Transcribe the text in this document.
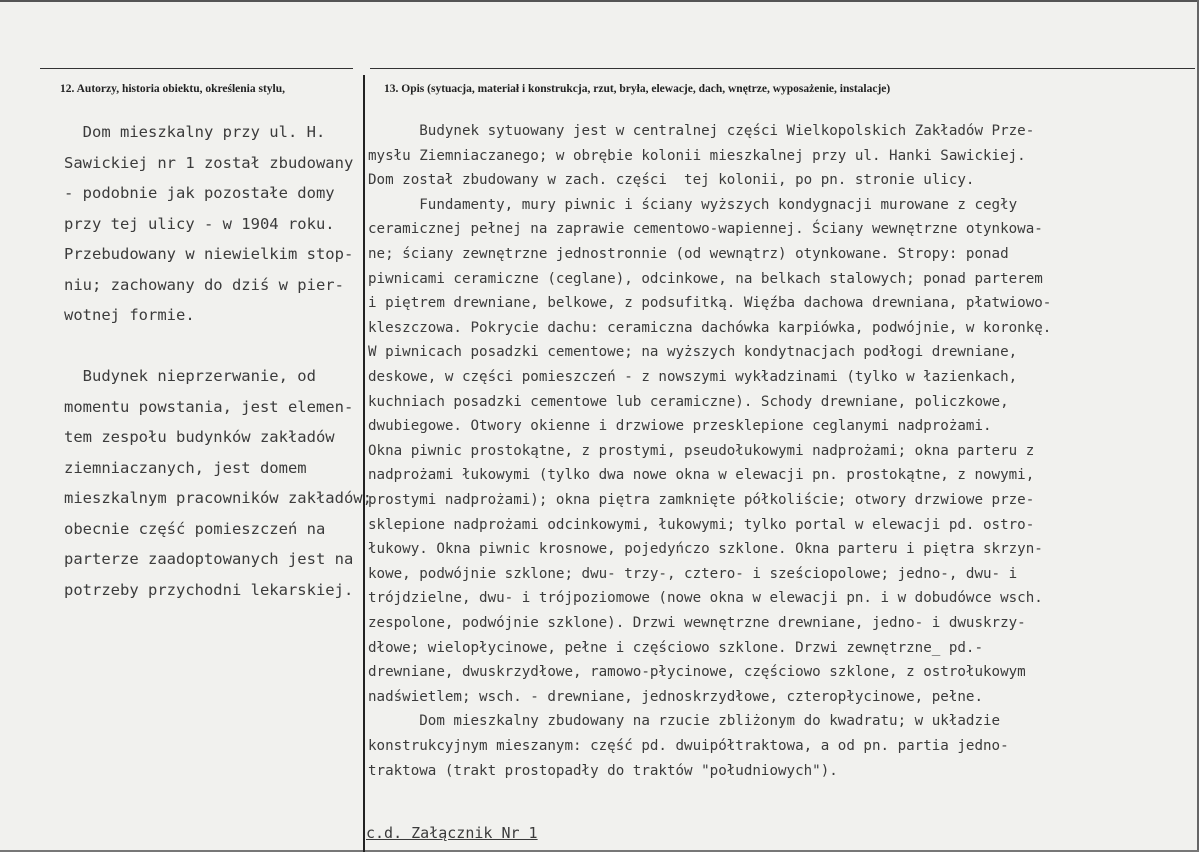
12. Autorzy, historia obiektu, określenia stylu,	13. Opis (sytuacja, materiał i konstrukcja, rzut, bryła, elewacje, dach, wnętrze, wyposażenie, instalacje)
Dom mieszkalny przy ul. H.
Sawickiej nr 1 został zbudowany
- podobnie jak pozostałe domy
przy tej ulicy - w 1904 roku.
Przebudowany w niewielkim stop-
niu; zachowany do dziś w pier-
wotnej formie.
Budynek nieprzerwanie, od
momentu powstania, jest elemen-
tem zespołu budynków zakładów
ziemniaczanych, jest domem
mieszkalnym pracowników zakładów;
obecnie część pomieszczeń na
parterze zaadoptowanych jest na
potrzeby przychodni lekarskiej.
Budynek sytuowany jest w centralnej części Wielkopolskich Zakładów Prze-
mysłu Ziemniaczanego; w obrębie kolonii mieszkalnej przy ul. Hanki Sawickiej.
Dom został zbudowany w zach. części  tej kolonii, po pn. stronie ulicy.
Fundamenty, mury piwnic i ściany wyższych kondygnacji murowane z cegły
ceramicznej pełnej na zaprawie cementowo-wapiennej. Ściany wewnętrzne otynkowa-
ne; ściany zewnętrzne jednostronnie (od wewnątrz) otynkowane. Stropy: ponad
piwnicami ceramiczne (ceglane), odcinkowe, na belkach stalowych; ponad parterem
i piętrem drewniane, belkowe, z podsufitką. Więźba dachowa drewniana, płatwiowo-
kleszczowa. Pokrycie dachu: ceramiczna dachówka karpiówka, podwójnie, w koronkę.
W piwnicach posadzki cementowe; na wyższych kondytnacjach podłogi drewniane,
deskowe, w części pomieszczeń - z nowszymi wykładzinami (tylko w łazienkach,
kuchniach posadzki cementowe lub ceramiczne). Schody drewniane, policzkowe,
dwubiegowe. Otwory okienne i drzwiowe przesklepione ceglanymi nadprożami.
Okna piwnic prostokątne, z prostymi, pseudołukowymi nadprożami; okna parteru z
nadprożami łukowymi (tylko dwa nowe okna w elewacji pn. prostokątne, z nowymi,
prostymi nadprożami); okna piętra zamknięte półkoliście; otwory drzwiowe prze-
sklepione nadprożami odcinkowymi, łukowymi; tylko portal w elewacji pd. ostro-
łukowy. Okna piwnic krosnowe, pojedyńczo szklone. Okna parteru i piętra skrzyn-
kowe, podwójnie szklone; dwu- trzy-, cztero- i sześciopolowe; jedno-, dwu- i
trójdzielne, dwu- i trójpoziomowe (nowe okna w elewacji pn. i w dobudówce wsch.
zespolone, podwójnie szklone). Drzwi wewnętrzne drewniane, jedno- i dwuskrzy-
dłowe; wielopłycinowe, pełne i częściowo szklone. Drzwi zewnętrzne_ pd.-
drewniane, dwuskrzydłowe, ramowo-płycinowe, częściowo szklone, z ostrołukowym
nadświetlem; wsch. - drewniane, jednoskrzydłowe, czteropłycinowe, pełne.
Dom mieszkalny zbudowany na rzucie zbliżonym do kwadratu; w układzie
konstrukcyjnym mieszanym: część pd. dwuipółtraktowa, a od pn. partia jedno-
traktowa (trakt prostopadły do traktów "południowych").
c.d. Załącznik Nr 1
